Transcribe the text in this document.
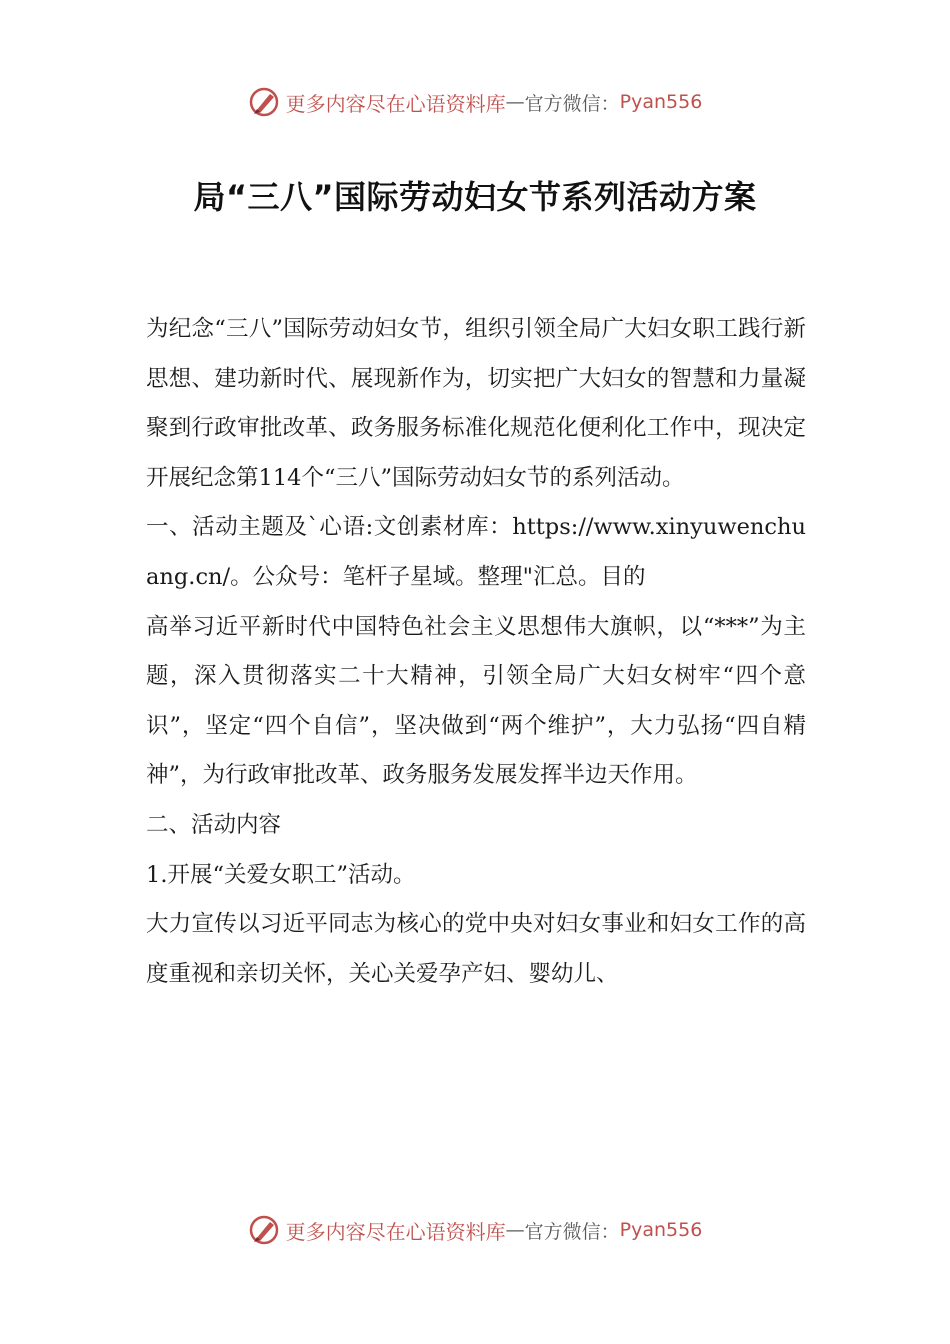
更多内容尽在心语资料库 — 官方微信： Pyan556
局“三八”国际劳动妇女节系列活动方案

为纪念“三八”国际劳动妇女节，组织引领全局广大妇女职工践行新思想、建功新时代、展现新作为，切实把广大妇女的智慧和力量凝聚到行政审批改革、政务服务标准化规范化便利化工作中，现决定开展纪念第114个“三八”国际劳动妇女节的系列活动。

一、活动主题及`心语:文创素材库：https://www.xinyuwenchuang.cn/。公众号：笔杆子星域。整理"汇总。目的

高举习近平新时代中国特色社会主义思想伟大旗帜，以“***”为主题，深入贯彻落实二十大精神，引领全局广大妇女树牢“四个意识”，坚定“四个自信”，坚决做到“两个维护”，大力弘扬“四自精神”，为行政审批改革、政务服务发展发挥半边天作用。

二、活动内容

1.开展“关爱女职工”活动。

大力宣传以习近平同志为核心的党中央对妇女事业和妇女工作的高度重视和亲切关怀，关心关爱孕产妇、婴幼儿、

更多内容尽在心语资料库 — 官方微信： Pyan556
